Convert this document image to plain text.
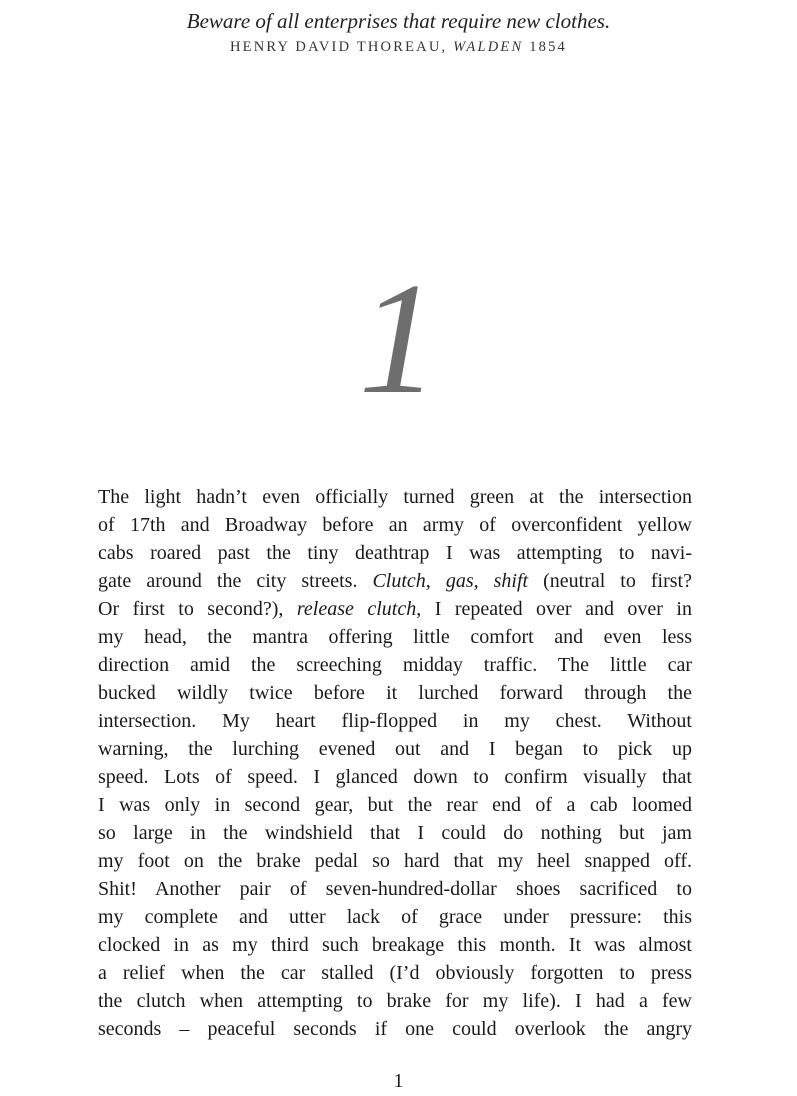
Beware of all enterprises that require new clothes.
HENRY DAVID THOREAU, WALDEN 1854
1
The light hadn’t even officially turned green at the intersection
of 17th and Broadway before an army of overconfident yellow
cabs roared past the tiny deathtrap I was attempting to navi-
gate around the city streets. Clutch, gas, shift (neutral to first?
Or first to second?), release clutch, I repeated over and over in
my head, the mantra offering little comfort and even less
direction amid the screeching midday traffic. The little car
bucked wildly twice before it lurched forward through the
intersection. My heart flip-flopped in my chest. Without
warning, the lurching evened out and I began to pick up
speed. Lots of speed. I glanced down to confirm visually that
I was only in second gear, but the rear end of a cab loomed
so large in the windshield that I could do nothing but jam
my foot on the brake pedal so hard that my heel snapped off.
Shit! Another pair of seven-hundred-dollar shoes sacrificed to
my complete and utter lack of grace under pressure: this
clocked in as my third such breakage this month. It was almost
a relief when the car stalled (I’d obviously forgotten to press
the clutch when attempting to brake for my life). I had a few
seconds – peaceful seconds if one could overlook the angry
1
